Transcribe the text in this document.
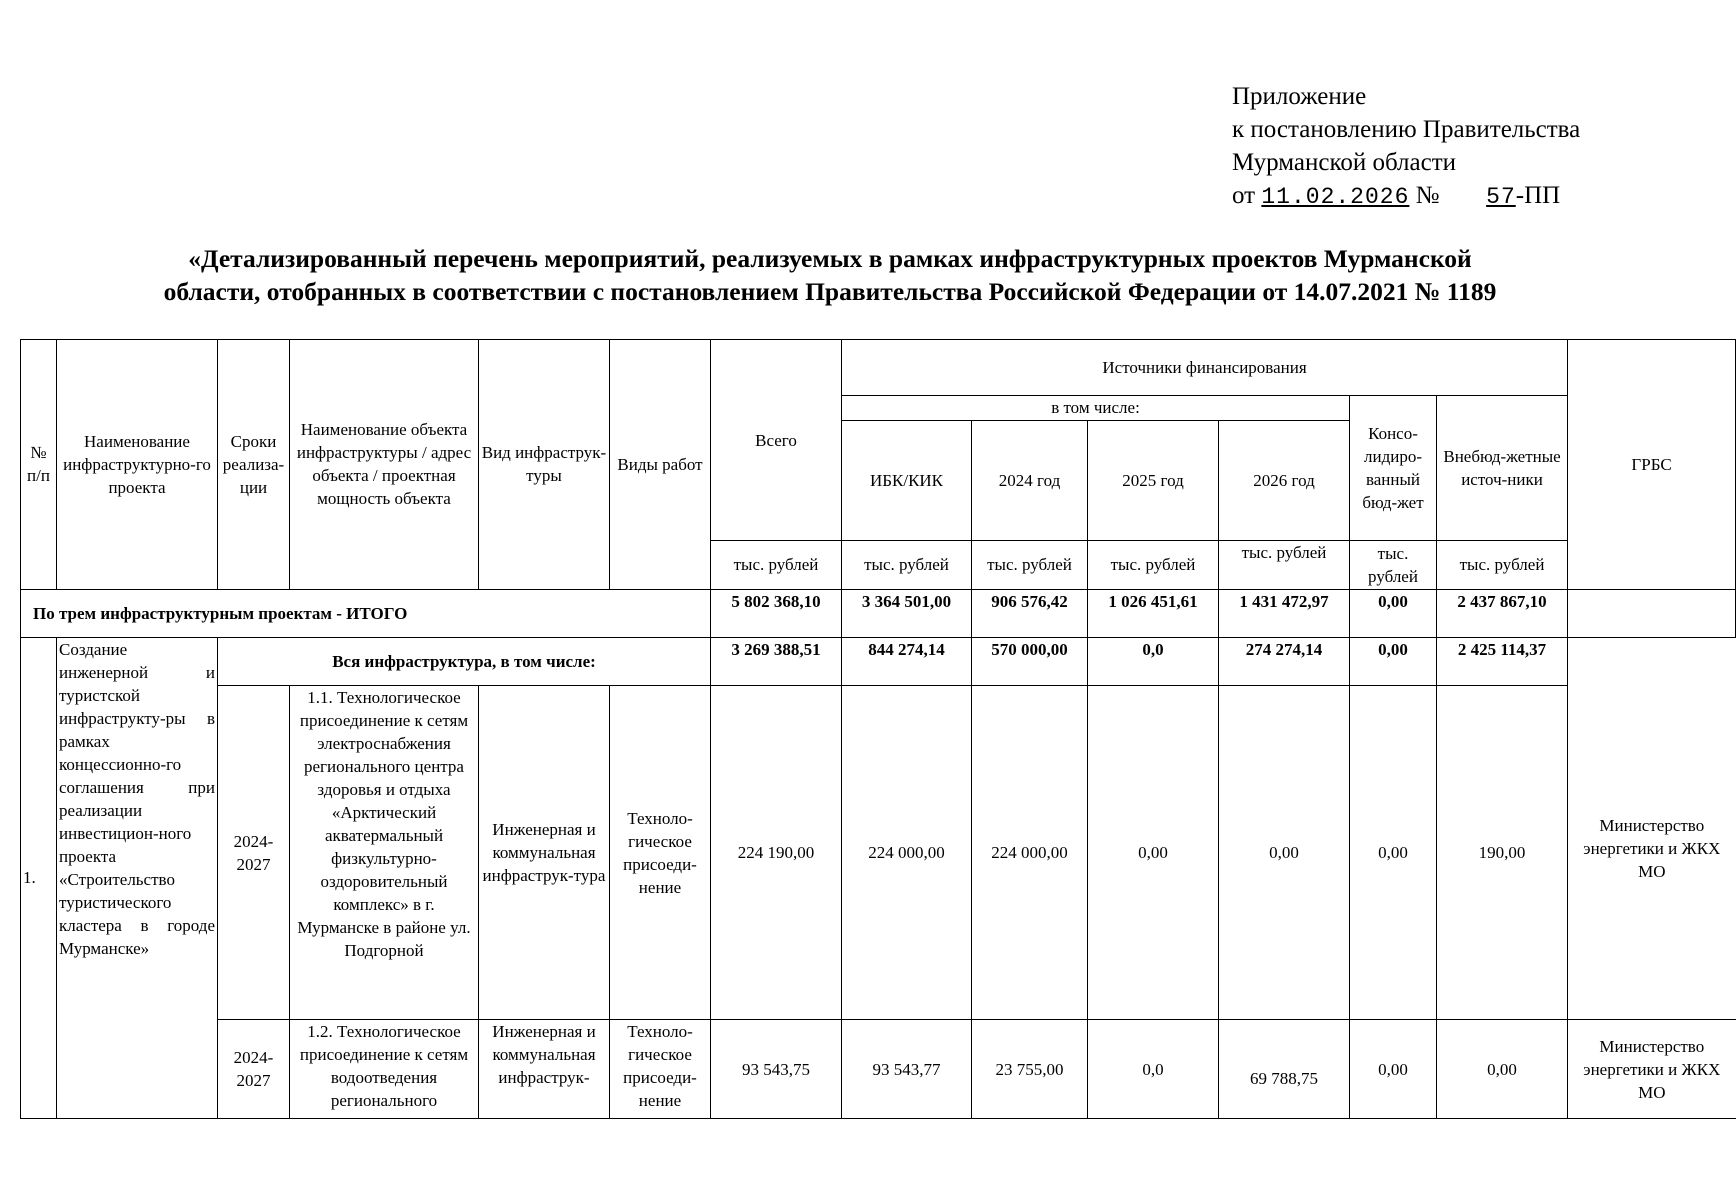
Приложение
к постановлению Правительства
Мурманской области
от 11.02.2026 № 57-ПП
«Детализированный перечень мероприятий, реализуемых в рамках инфраструктурных проектов Мурманской
области, отобранных в соответствии с постановлением Правительства Российской Федерации от 14.07.2021 № 1189
№ п/п	Наименование инфраструктурно-го проекта	Сроки реализа-ции	Наименование объекта инфраструктуры / адрес объекта / проектная мощность объекта	Вид инфраструк-туры	Виды работ	Всего	Источники финансирования						ГРБС
							в том числе:				Консо-лидиро-ванный бюд-жет	Внебюд-жетные источ-ники	
							ИБК/КИК	2024 год	2025 год	2026 год			
						тыс. рублей	тыс. рублей	тыс. рублей	тыс. рублей	тыс. рублей	тыс. рублей	тыс. рублей	
По трем инфраструктурным проектам - ИТОГО						5 802 368,10	3 364 501,00	906 576,42	1 026 451,61	1 431 472,97	0,00	2 437 867,10	
1.	Создание инженерной и туристской инфраструкту-ры в рамках концессионно-го соглашения при реализации инвестицион-ного проекта «Строительство туристического кластера в городе Мурманске»	Вся инфраструктура, в том числе:				3 269 388,51	844 274,14	570 000,00	0,0	274 274,14	0,00	2 425 114,37	Министерство энергетики и ЖКХ МО
		2024-2027	1.1. Технологическое присоединение к сетям электроснабжения регионального центра здоровья и отдыха «Арктический акватермальный физкультурно-оздоровительный комплекс» в г. Мурманске в районе ул. Подгорной	Инженерная и коммунальная инфраструк-тура	Техноло-гическое присоеди-нение	224 190,00	224 000,00	224 000,00	0,00	0,00	0,00	190,00	
		2024-2027	1.2. Технологическое присоединение к сетям водоотведения регионального	Инженерная и коммунальная инфраструк-	Техноло-гическое присоеди-нение	93 543,75	93 543,77	23 755,00	0,0	69 788,75	0,00	0,00	Министерство энергетики и ЖКХ МО
